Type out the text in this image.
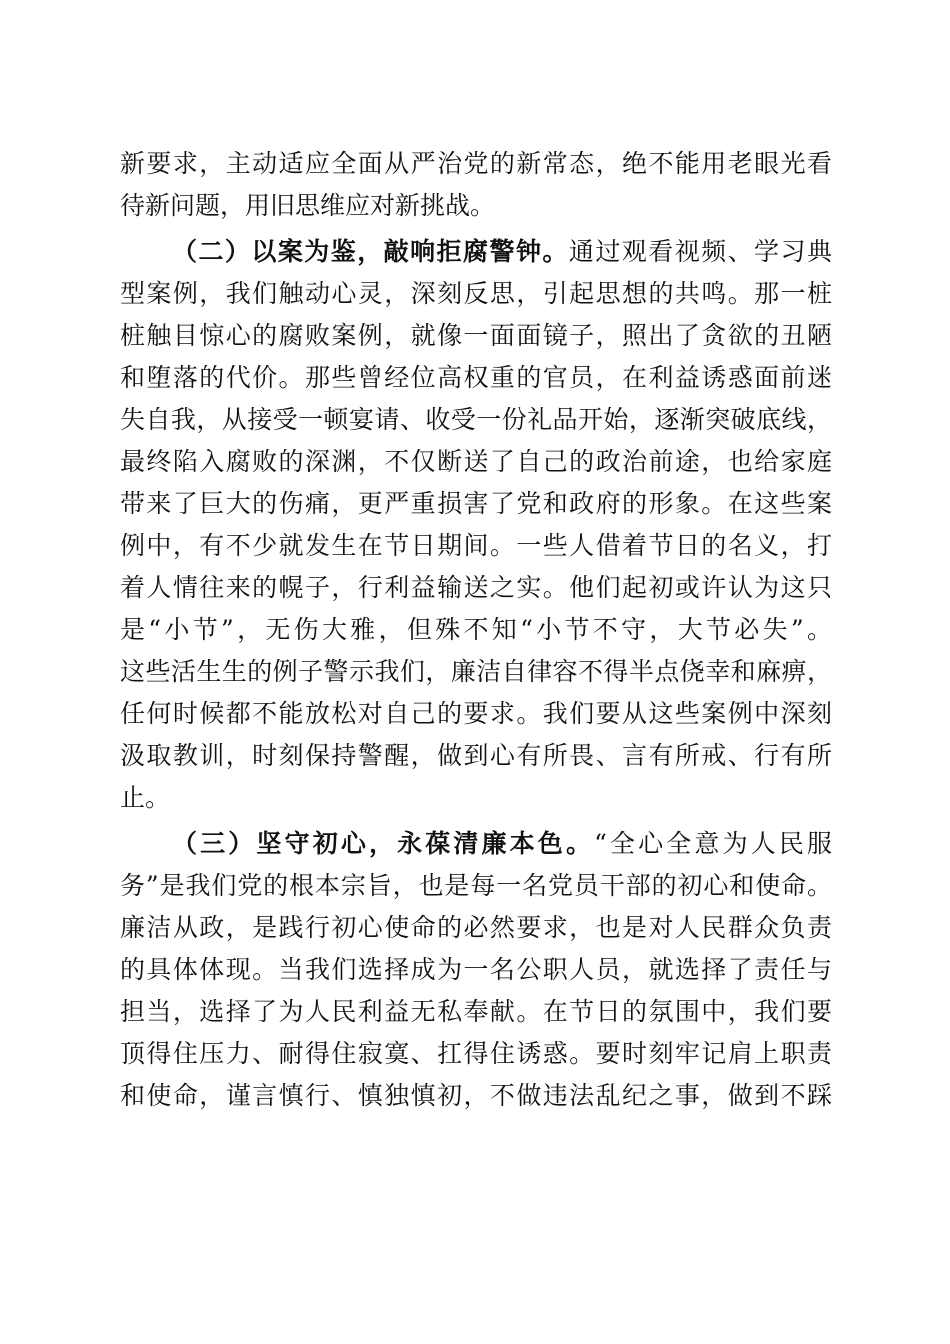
新要求，主动适应全面从严治党的新常态，绝不能用老眼光看
待新问题，用旧思维应对新挑战。
（二）以案为鉴，敲响拒腐警钟。通过观看视频、学习典
型案例，我们触动心灵，深刻反思，引起思想的共鸣。那一桩
桩触目惊心的腐败案例，就像一面面镜子，照出了贪欲的丑陋
和堕落的代价。那些曾经位高权重的官员，在利益诱惑面前迷
失自我，从接受一顿宴请、收受一份礼品开始，逐渐突破底线，
最终陷入腐败的深渊，不仅断送了自己的政治前途，也给家庭
带来了巨大的伤痛，更严重损害了党和政府的形象。在这些案
例中，有不少就发生在节日期间。一些人借着节日的名义，打
着人情往来的幌子，行利益输送之实。他们起初或许认为这只
是“小节”，无伤大雅，但殊不知“小节不守，大节必失”。
这些活生生的例子警示我们，廉洁自律容不得半点侥幸和麻痹，
任何时候都不能放松对自己的要求。我们要从这些案例中深刻
汲取教训，时刻保持警醒，做到心有所畏、言有所戒、行有所
止。
（三）坚守初心，永葆清廉本色。“全心全意为人民服
务”是我们党的根本宗旨，也是每一名党员干部的初心和使命。
廉洁从政，是践行初心使命的必然要求，也是对人民群众负责
的具体体现。当我们选择成为一名公职人员，就选择了责任与
担当，选择了为人民利益无私奉献。在节日的氛围中，我们要
顶得住压力、耐得住寂寞、扛得住诱惑。要时刻牢记肩上职责
和使命，谨言慎行、慎独慎初，不做违法乱纪之事，做到不踩
